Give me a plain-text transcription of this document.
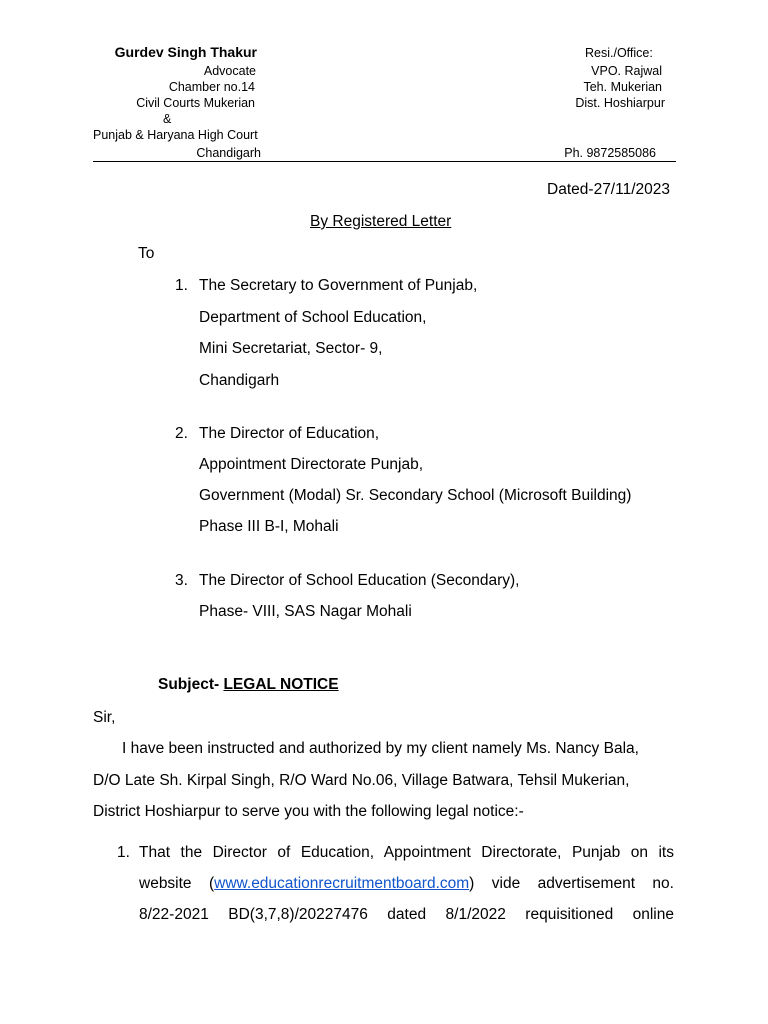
Gurdev Singh Thakur
Advocate
Chamber no.14
Civil Courts Mukerian
&
Punjab & Haryana High Court
Chandigarh
Resi./Office:
VPO. Rajwal
Teh. Mukerian
Dist. Hoshiarpur
Ph. 9872585086
Dated-27/11/2023
By Registered Letter
To
1. The Secretary to Government of Punjab,
Department of School Education,
Mini Secretariat, Sector- 9,
Chandigarh
2. The Director of Education,
Appointment Directorate Punjab,
Government (Modal) Sr. Secondary School (Microsoft Building)
Phase III B-I, Mohali
3. The Director of School Education (Secondary),
Phase- VIII, SAS Nagar Mohali
Subject- LEGAL NOTICE
Sir,
I have been instructed and authorized by my client namely Ms. Nancy Bala,
D/O Late Sh. Kirpal Singh, R/O Ward No.06, Village Batwara, Tehsil Mukerian,
District Hoshiarpur to serve you with the following legal notice:-
1. That the Director of Education, Appointment Directorate, Punjab on its
website (www.educationrecruitmentboard.com) vide advertisement no.
8/22-2021 BD(3,7,8)/20227476 dated 8/1/2022 requisitioned online
